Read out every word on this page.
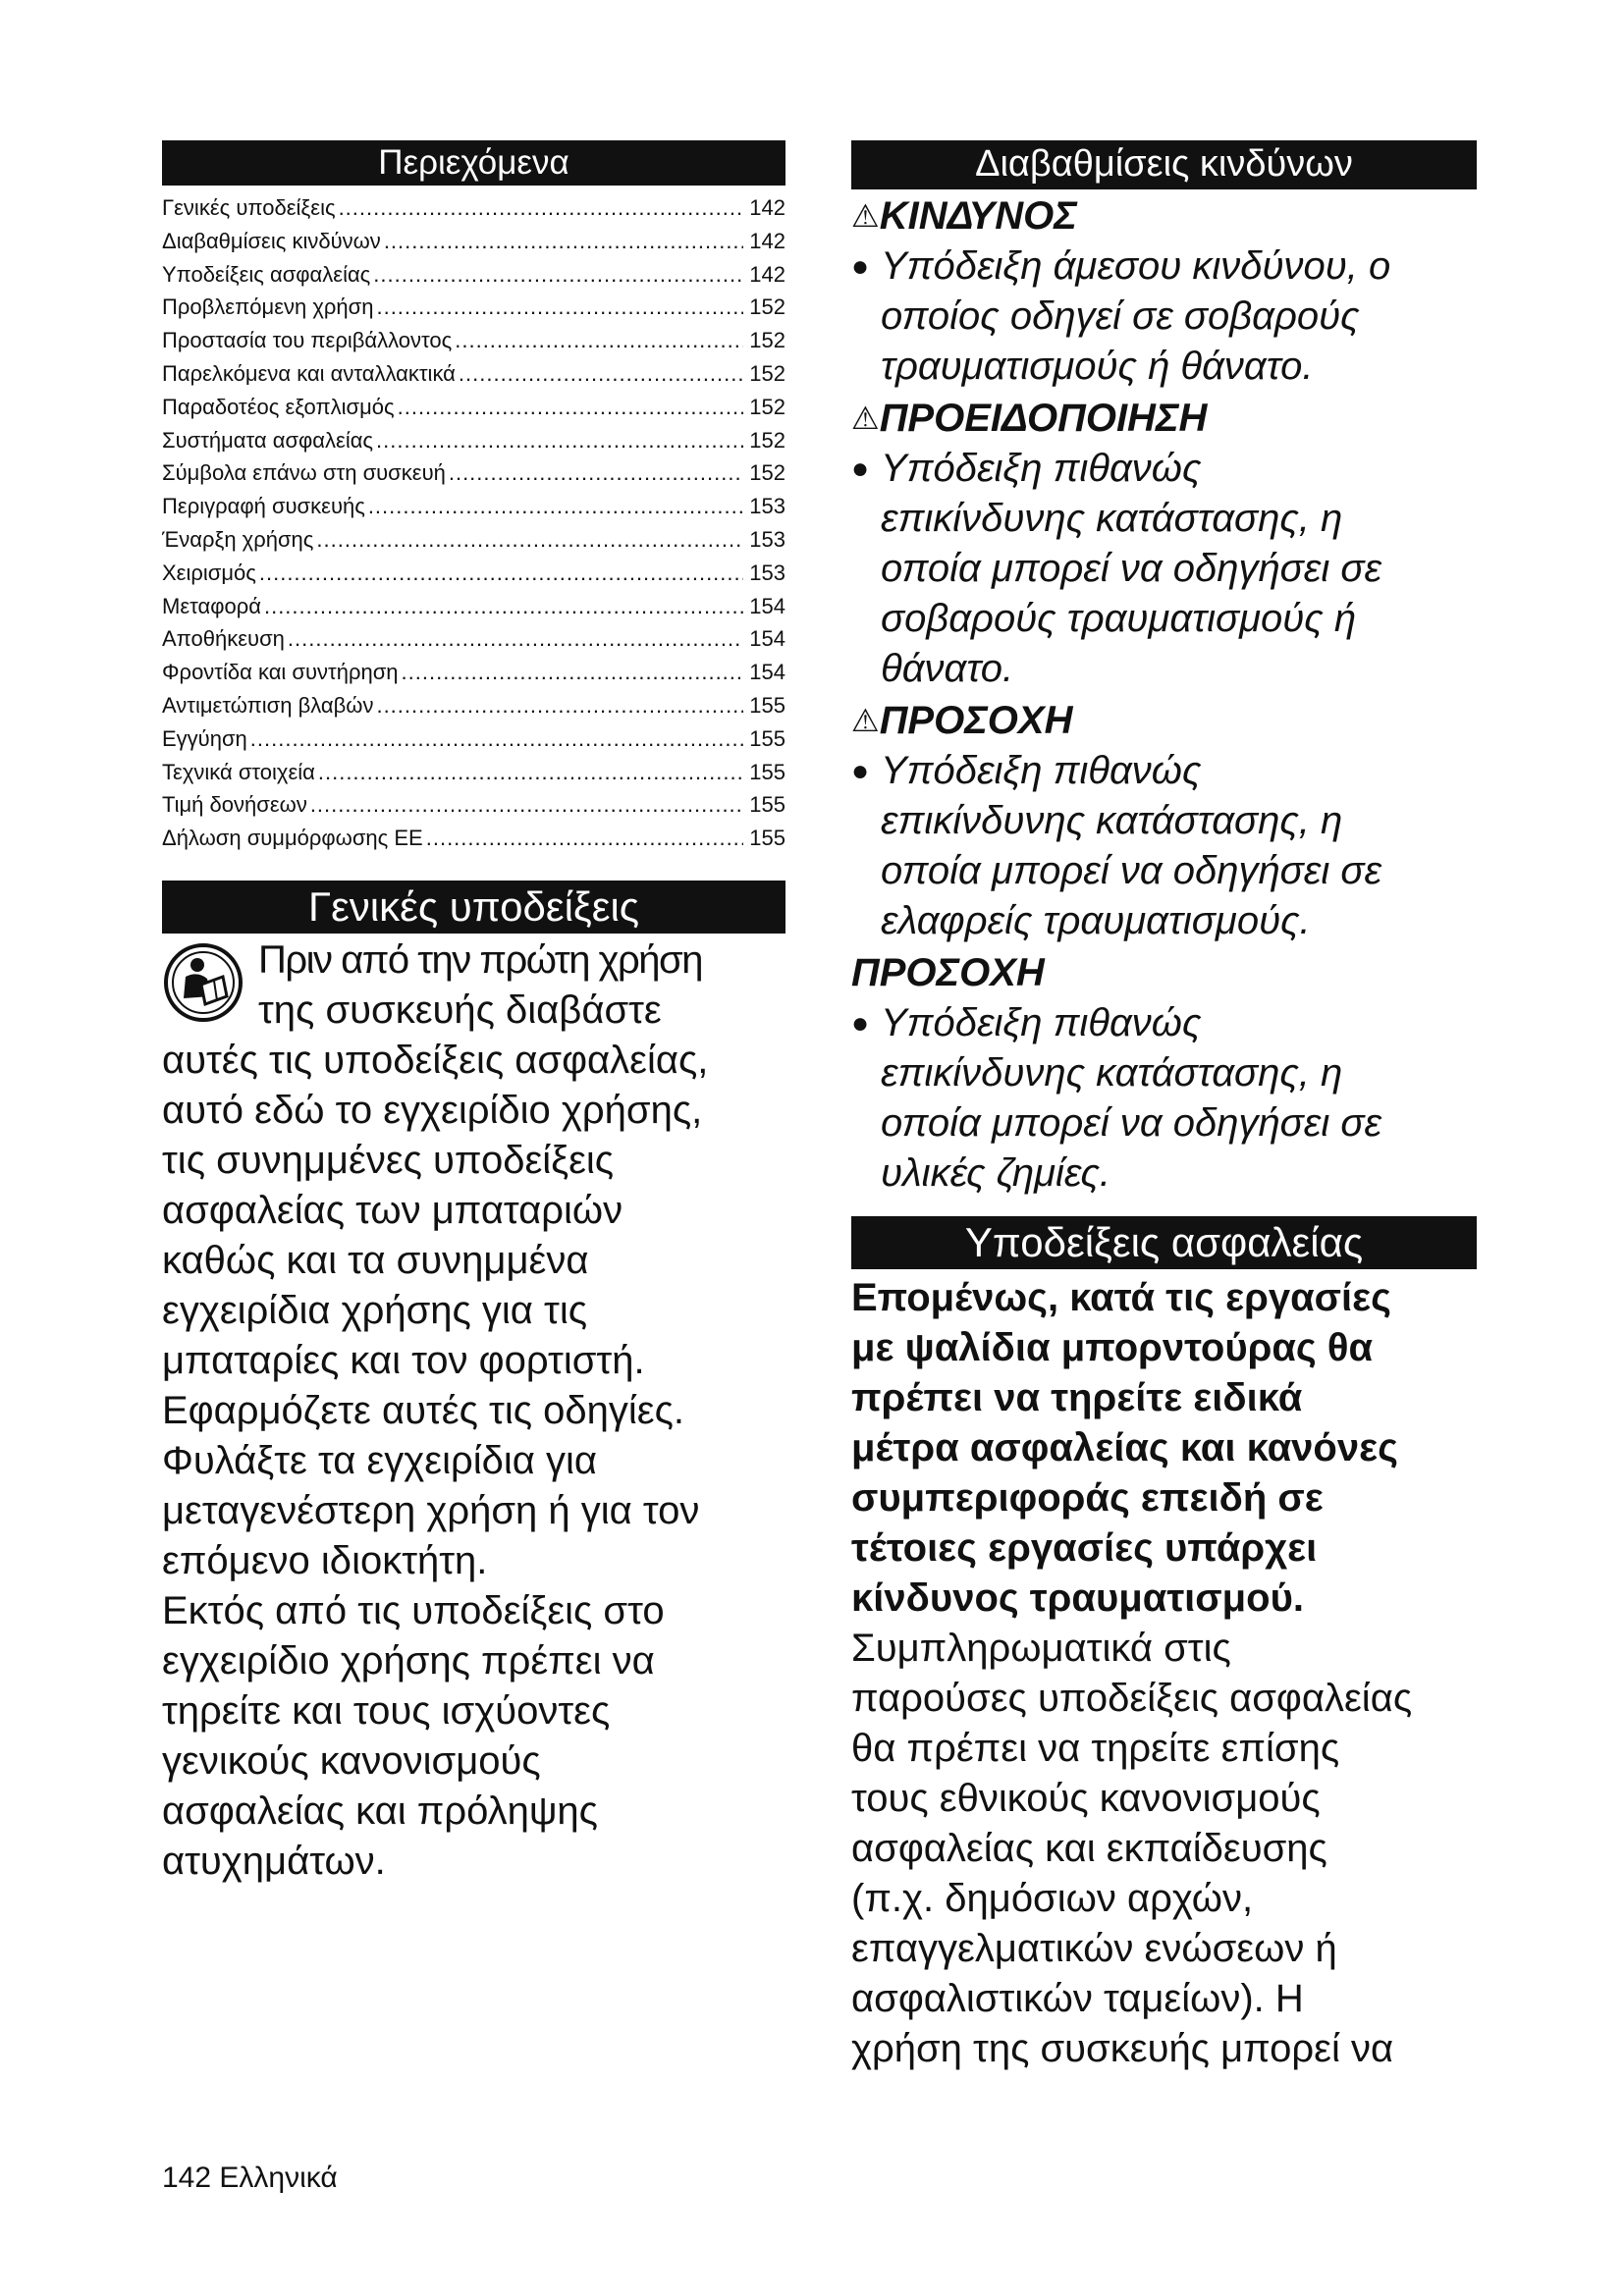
Περιεχόμενα
Γενικές υποδείξεις .....	142
Διαβαθμίσεις κινδύνων .....	142
Υποδείξεις ασφαλείας .....	142
Προβλεπόμενη χρήση .....	152
Προστασία του περιβάλλοντος .....	152
Παρελκόμενα και ανταλλακτικά .....	152
Παραδοτέος εξοπλισμός .....	152
Συστήματα ασφαλείας .....	152
Σύμβολα επάνω στη συσκευή .....	152
Περιγραφή συσκευής .....	153
Έναρξη χρήσης .....	153
Χειρισμός .....	153
Μεταφορά .....	154
Αποθήκευση .....	154
Φροντίδα και συντήρηση .....	154
Αντιμετώπιση βλαβών .....	155
Εγγύηση .....	155
Τεχνικά στοιχεία .....	155
Τιμή δονήσεων .....	155
Δήλωση συμμόρφωσης ΕΕ .....	155
Γενικές υποδείξεις

Πριν από την πρώτη χρήση

της συσκευής διαβάστε

αυτές τις υποδείξεις ασφαλείας,

αυτό εδώ το εγχειρίδιο χρήσης,

τις συνημμένες υποδείξεις

ασφαλείας των μπαταριών

καθώς και τα συνημμένα

εγχειρίδια χρήσης για τις

μπαταρίες και τον φορτιστή.

Εφαρμόζετε αυτές τις οδηγίες.

Φυλάξτε τα εγχειρίδια για

μεταγενέστερη χρήση ή για τον

επόμενο ιδιοκτήτη.

Εκτός από τις υποδείξεις στο

εγχειρίδιο χρήσης πρέπει να

τηρείτε και τους ισχύοντες

γενικούς κανονισμούς

ασφαλείας και πρόληψης

ατυχημάτων.

Διαβαθμίσεις κινδύνων

⚠ΚΙΝΔΥΝΟΣ

● Υπόδειξη άμεσου κινδύνου, ο

οποίος οδηγεί σε σοβαρούς

τραυματισμούς ή θάνατο.

⚠ΠΡΟΕΙΔΟΠΟΙΗΣΗ

● Υπόδειξη πιθανώς

επικίνδυνης κατάστασης, η

οποία μπορεί να οδηγήσει σε

σοβαρούς τραυματισμούς ή

θάνατο.

⚠ΠΡΟΣΟΧΗ

● Υπόδειξη πιθανώς

επικίνδυνης κατάστασης, η

οποία μπορεί να οδηγήσει σε

ελαφρείς τραυματισμούς.

ΠΡΟΣΟΧΗ

● Υπόδειξη πιθανώς

επικίνδυνης κατάστασης, η

οποία μπορεί να οδηγήσει σε

υλικές ζημίες.

Υποδείξεις ασφαλείας

Επομένως, κατά τις εργασίες

με ψαλίδια μπορντούρας θα

πρέπει να τηρείτε ειδικά

μέτρα ασφαλείας και κανόνες

συμπεριφοράς επειδή σε

τέτοιες εργασίες υπάρχει

κίνδυνος τραυματισμού.

Συμπληρωματικά στις

παρούσες υποδείξεις ασφαλείας

θα πρέπει να τηρείτε επίσης

τους εθνικούς κανονισμούς

ασφαλείας και εκπαίδευσης

(π.χ. δημόσιων αρχών,

επαγγελματικών ενώσεων ή

ασφαλιστικών ταμείων). Η

χρήση της συσκευής μπορεί να

142 Ελληνικά
